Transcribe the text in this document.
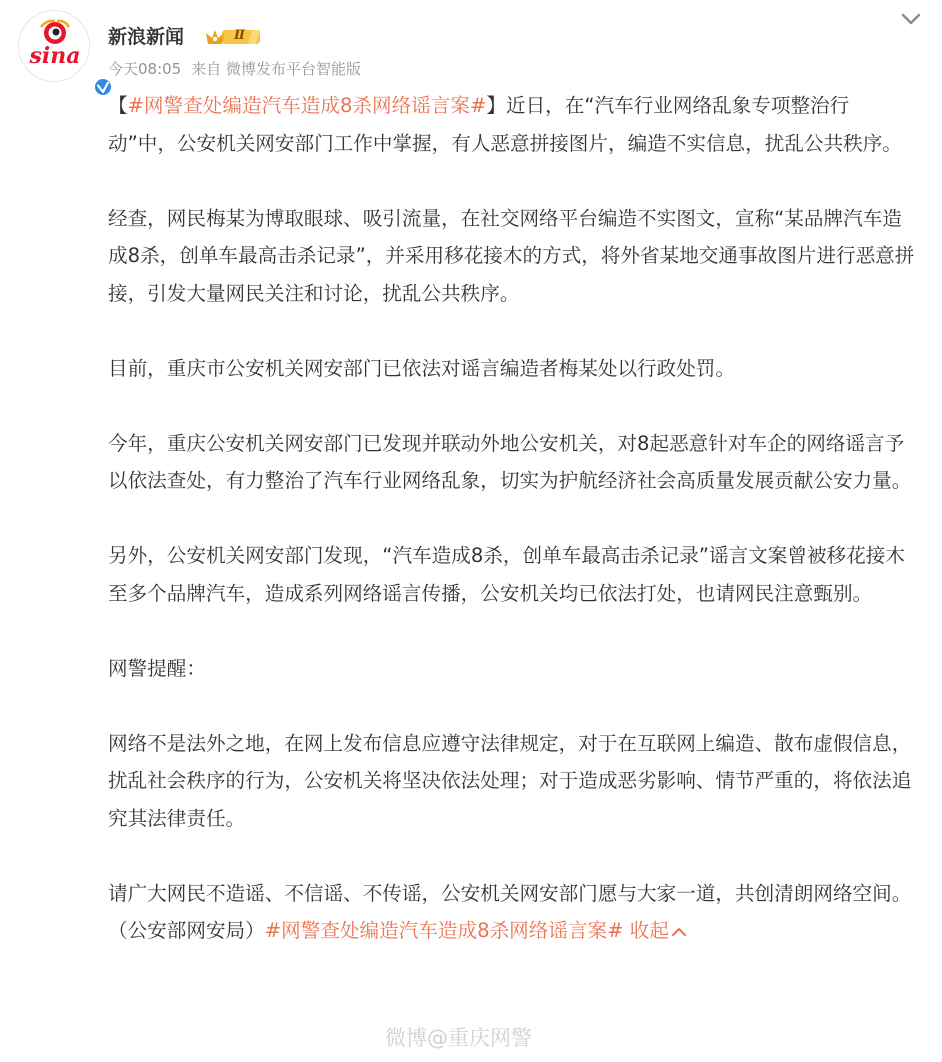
sina
新浪新闻	Ⅱ
今天08:05 来自 微博发布平台智能版

【#网警查处编造汽车造成8杀网络谣言案#】近日，在“汽车行业网络乱象专项整治行动”中，公安机关网安部门工作中掌握，有人恶意拼接图片，编造不实信息，扰乱公共秩序。

经查，网民梅某为博取眼球、吸引流量，在社交网络平台编造不实图文，宣称“某品牌汽车造成8杀，创单车最高击杀记录”，并采用移花接木的方式，将外省某地交通事故图片进行恶意拼接，引发大量网民关注和讨论，扰乱公共秩序。

目前，重庆市公安机关网安部门已依法对谣言编造者梅某处以行政处罚。

今年，重庆公安机关网安部门已发现并联动外地公安机关，对8起恶意针对车企的网络谣言予以依法查处，有力整治了汽车行业网络乱象，切实为护航经济社会高质量发展贡献公安力量。

另外，公安机关网安部门发现，“汽车造成8杀，创单车最高击杀记录”谣言文案曾被移花接木至多个品牌汽车，造成系列网络谣言传播，公安机关均已依法打处，也请网民注意甄别。

网警提醒：

网络不是法外之地，在网上发布信息应遵守法律规定，对于在互联网上编造、散布虚假信息，扰乱社会秩序的行为，公安机关将坚决依法处理；对于造成恶劣影响、情节严重的，将依法追究其法律责任。

请广大网民不造谣、不信谣、不传谣，公安机关网安部门愿与大家一道，共创清朗网络空间。（公安部网安局）#网警查处编造汽车造成8杀网络谣言案# 收起

微博@重庆网警
